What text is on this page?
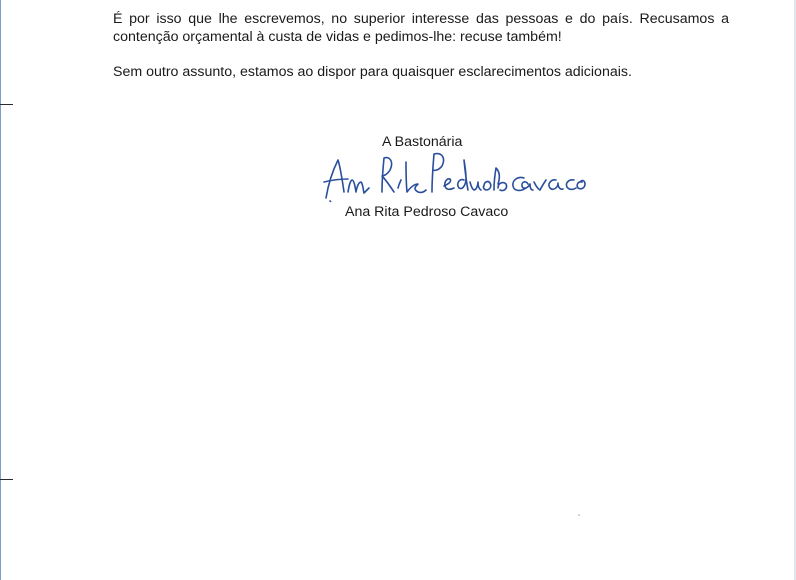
É por isso que lhe escrevemos, no superior interesse das pessoas e do país. Recusamos a contenção orçamental à custa de vidas e pedimos-lhe: recuse também!

Sem outro assunto, estamos ao dispor para quaisquer esclarecimentos adicionais.

A Bastonária

Ana Rita Pedroso Cavaco
